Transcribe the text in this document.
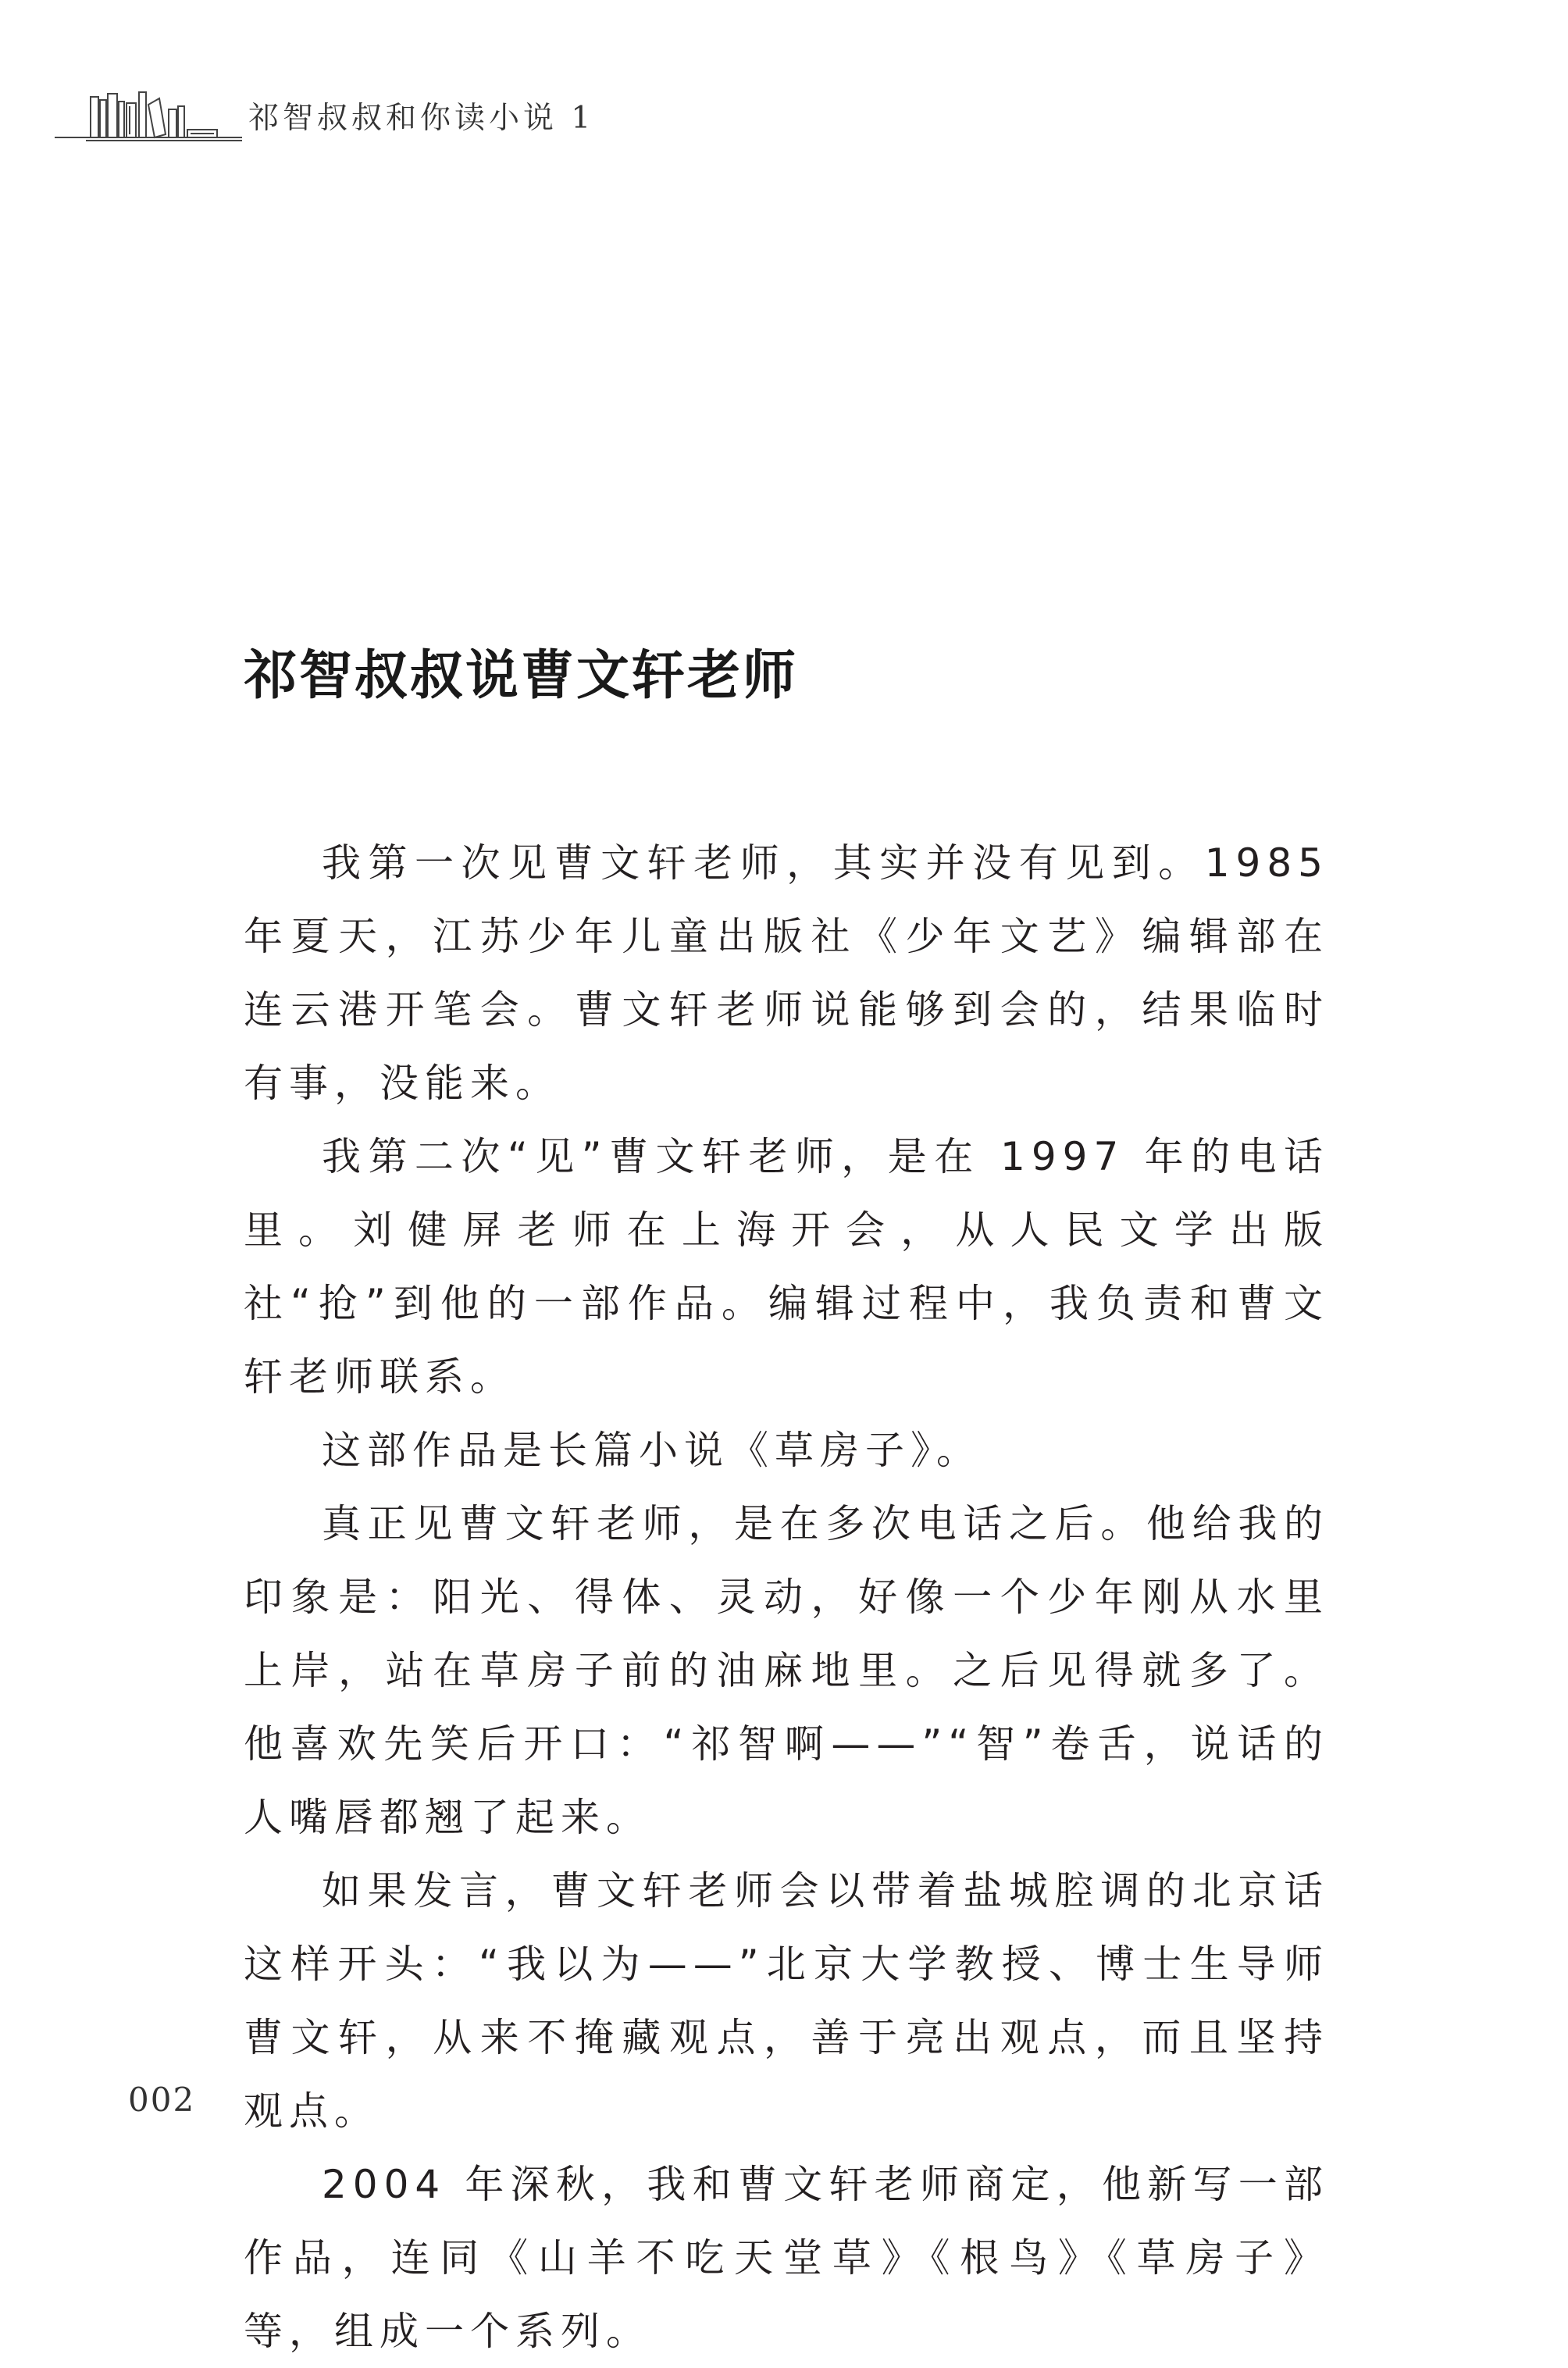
祁智叔叔和你读小说 1
祁智叔叔说曹文轩老师

我第一次见曹文轩老师，其实并没有见到。1985 年夏天，江苏少年儿童出版社《少年文艺》编辑部在连云港开笔会。曹文轩老师说能够到会的，结果临时有事，没能来。

我第二次“见”曹文轩老师，是在 1997 年的电话里。刘健屏老师在上海开会，从人民文学出版社“抢”到他的一部作品。编辑过程中，我负责和曹文轩老师联系。

这部作品是长篇小说《草房子》。

真正见曹文轩老师，是在多次电话之后。他给我的印象是：阳光、得体、灵动，好像一个少年刚从水里上岸，站在草房子前的油麻地里。之后见得就多了。他喜欢先笑后开口：“祁智啊——”“智”卷舌，说话的人嘴唇都翘了起来。

如果发言，曹文轩老师会以带着盐城腔调的北京话这样开头：“我以为——”北京大学教授、博士生导师曹文轩，从来不掩藏观点，善于亮出观点，而且坚持观点。

2004 年深秋，我和曹文轩老师商定，他新写一部作品，连同《山羊不吃天堂草》《根鸟》《草房子》等，组成一个系列。

002
